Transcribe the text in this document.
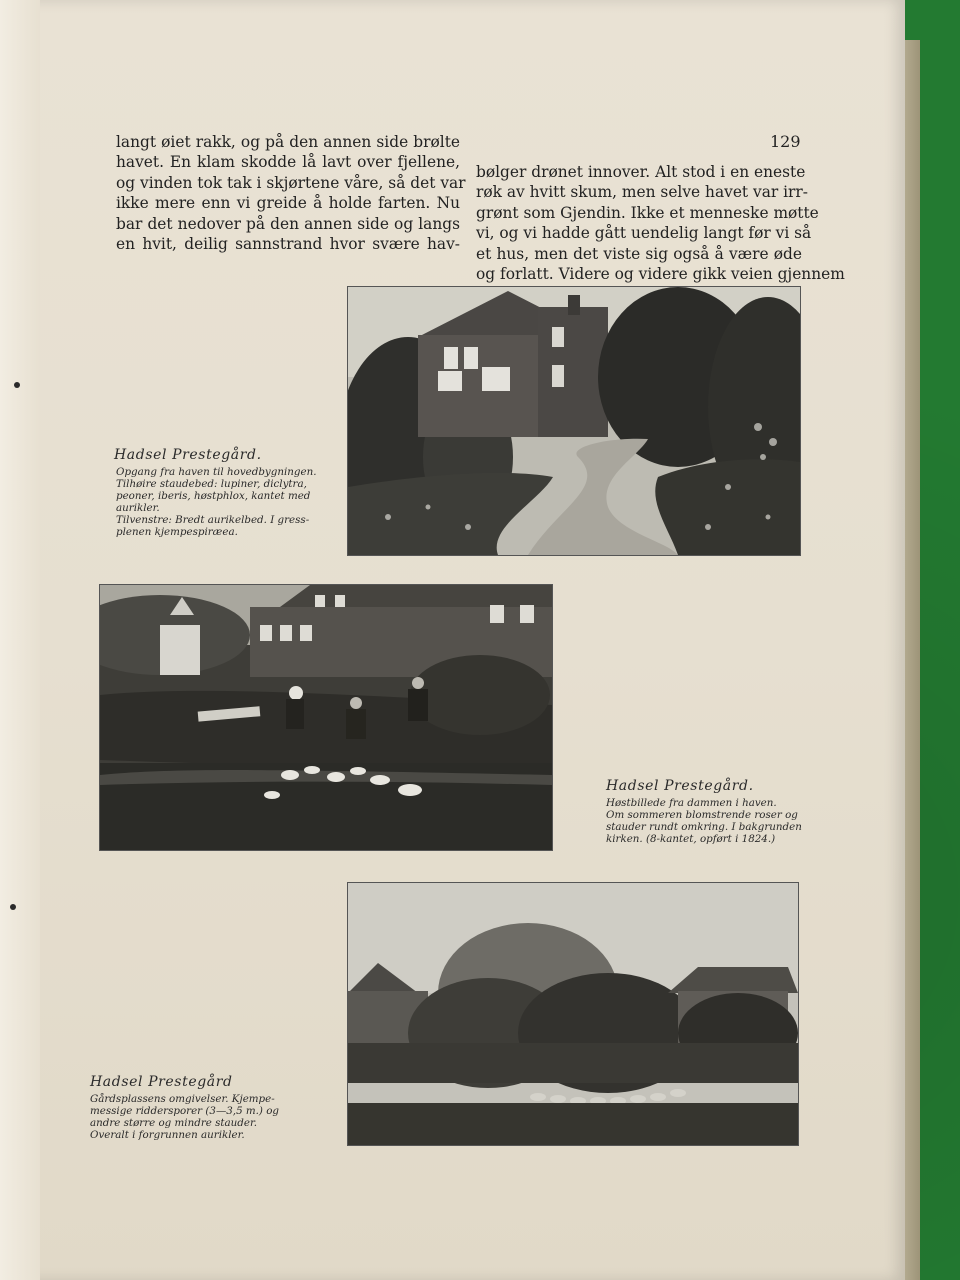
129
langt øiet rakk, og på den annen side brølte
havet. En klam skodde lå lavt over fjellene,
og vinden tok tak i skjørtene våre, så det var
ikke mere enn vi greide å holde farten. Nu
bar det nedover på den annen side og langs
en hvit, deilig sannstrand hvor svære hav-
bølger drønet innover. Alt stod i en eneste
røk av hvitt skum, men selve havet var irr-
grønt som Gjendin. Ikke et menneske møtte
vi, og vi hadde gått uendelig langt før vi så
et hus, men det viste sig også å være øde
og forlatt. Videre og videre gikk veien gjennem
Hadsel Prestegård.
Opgang fra haven til hovedbygningen.
Tilhøire staudebed: lupiner, diclytra,
peoner, iberis, høstphlox, kantet med
aurikler.
Tilvenstre: Bredt aurikelbed. I gress-
plenen kjempespiræea.
Hadsel Prestegård.
Høstbillede fra dammen i haven.
Om sommeren blomstrende roser og
stauder rundt omkring. I bakgrunden
kirken. (8-kantet, opført i 1824.)
Hadsel Prestegård
Gårdsplassens omgivelser. Kjempe-
messige riddersporer (3—3,5 m.) og
andre større og mindre stauder.
Overalt i forgrunnen aurikler.
